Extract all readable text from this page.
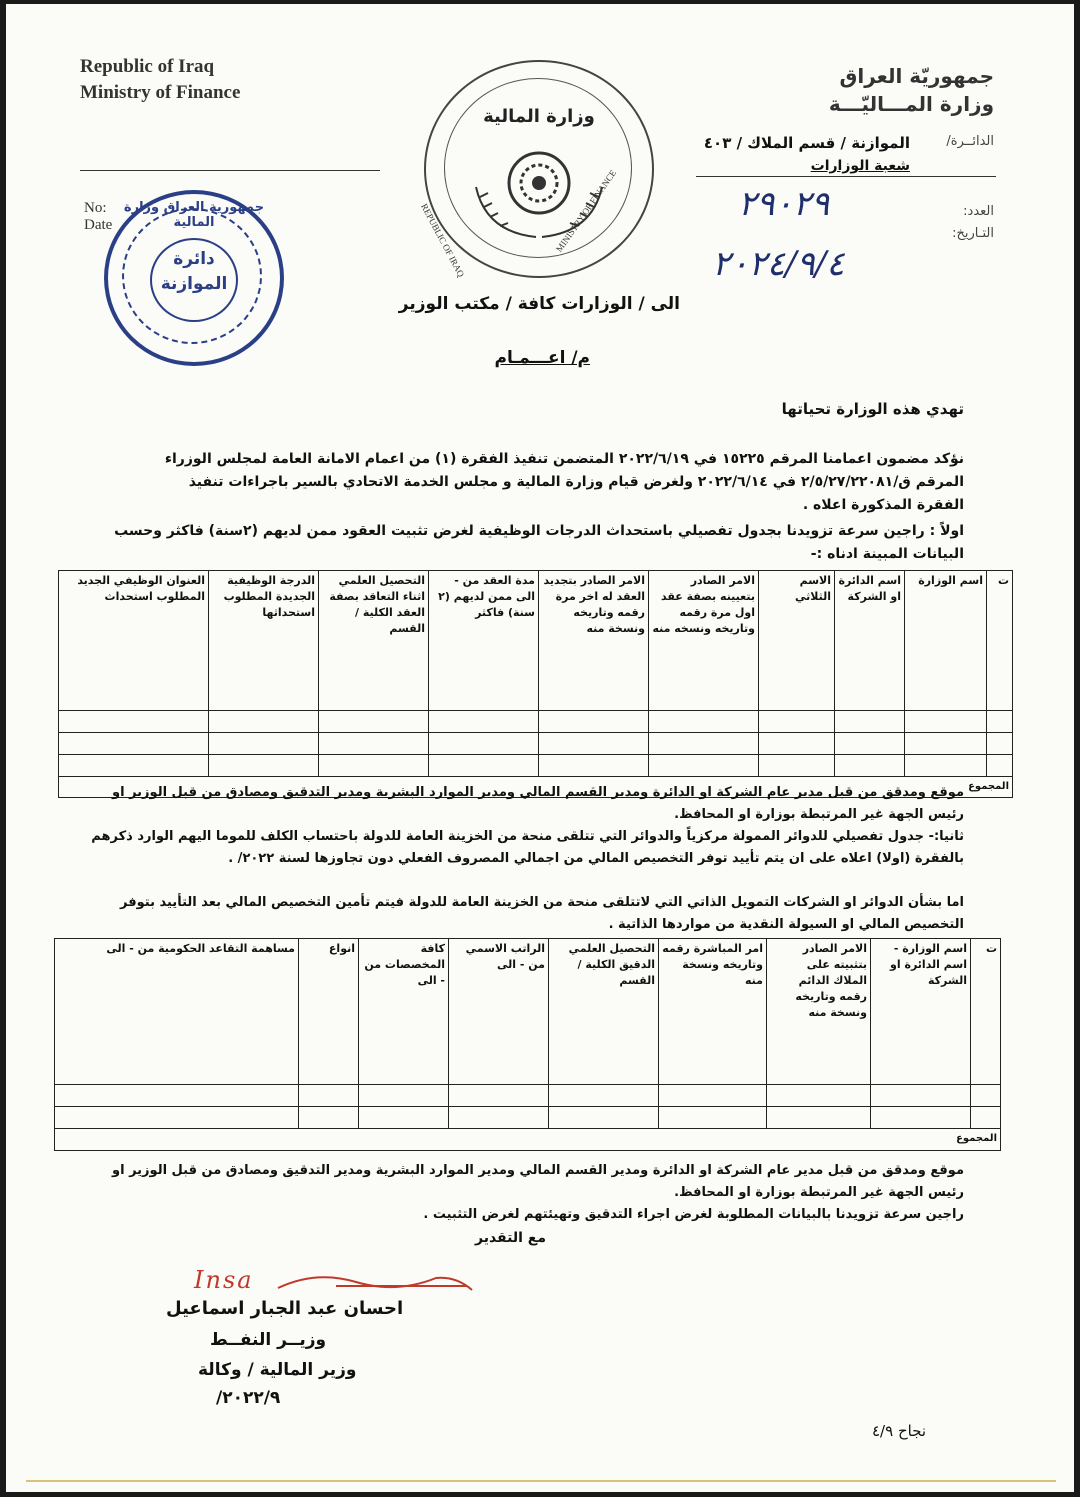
Republic of Iraq
Ministry of Finance
No:
Date
جمهورية العراق وزارة المالية
دائرة
الموازنة
وزارة المالية
REPUBLIC OF IRAQ	MINISTRY OF FINANCE
جمهوريّة العراق
وزارة المـــاليّـــة
الدائــرة/
الموازنة / قسم الملاك / ٤٠٣
شعبة الوزارات
العدد:
التـاريخ:
٢٩٠٢٩
٢٠٢٤/٩/٤
الى / الوزارات كافة / مكتب الوزير
م/ اعـــمـام
تهدي هذه الوزارة تحياتها
نؤكد مضمون اعمامنا المرقم ١٥٢٢٥ في ٢٠٢٢/٦/١٩ المتضمن تنفيذ الفقرة (١) من اعمام الامانة العامة لمجلس الوزراء
المرقم ق/٢/٥/٢٧/٢٢٠٨١ في ٢٠٢٢/٦/١٤ ولغرض قيام وزارة المالية و مجلس الخدمة الاتحادي بالسير باجراءات تنفيذ
الفقرة المذكورة اعلاه .
اولاً : راجين سرعة تزويدنا بجدول تفصيلي باستحداث الدرجات الوظيفية لغرض تثبيت العقود ممن لديهم (٢سنة) فاكثر وحسب
البيانات المبينة ادناه :-
ت	اسم الوزارة	اسم الدائرة او الشركة	الاسم الثلاثي	الامر الصادر بتعيينه بصفة عقد اول مرة رقمه وتاريخه ونسخه منه	الامر الصادر بتجديد العقد له اخر مرة رقمه وتاريخه ونسخة منه	مدة العقد من - الى ممن لديهم (٢ سنة) فاكثر	التحصيل العلمي اثناء التعاقد بصفة العقد الكلية / القسم	الدرجة الوظيفية الجديدة المطلوب استحداثها	العنوان الوظيفي الجديد المطلوب استحداث

المجموع									
موقع ومدقق من قبل مدير عام الشركة او الدائرة ومدير القسم المالي ومدير الموارد البشرية ومدير التدقيق ومصادق من قبل الوزير او
رئيس الجهة غير المرتبطة بوزارة او المحافظ.
ثانيا:- جدول تفصيلي للدوائر الممولة مركزياً والدوائر التي تتلقى منحة من الخزينة العامة للدولة باحتساب الكلف للموما اليهم الوارد ذكرهم
بالفقرة (اولا) اعلاه على ان يتم تأييد توفر التخصيص المالي من اجمالي المصروف الفعلي دون تجاوزها لسنة ٢٠٢٢/ .
اما بشأن الدوائر او الشركات التمويل الذاتي التي لاتتلقى منحة من الخزينة العامة للدولة فيتم تأمين التخصيص المالي بعد التأييد بتوفر
التخصيص المالي او السيولة النقدية من مواردها الذاتية .
ت	اسم الوزارة - اسم الدائرة او الشركة	الامر الصادر بتثبيته على الملاك الدائم رقمه وتاريخه ونسخة منه	امر المباشرة رقمه وتاريخه ونسخة منه	التحصيل العلمي الدقيق الكلية / القسم	الراتب الاسمي من - الى	كافة المخصصات من - الى	انواع	مساهمة التقاعد الحكومية من - الى

المجموع								
موقع ومدقق من قبل مدير عام الشركة او الدائرة ومدير القسم المالي ومدير الموارد البشرية ومدير التدقيق ومصادق من قبل الوزير او
رئيس الجهة غير المرتبطة بوزارة او المحافظ.
راجين سرعة تزويدنا بالبيانات المطلوبة لغرض اجراء التدقيق وتهيئتهم لغرض التثبيت .
مع التقدير
Insa
احسان عبد الجبار اسماعيل
وزيــر النفــط
وزير المالية / وكالة
٢٠٢٢/٩/
نجاح ٤/٩
